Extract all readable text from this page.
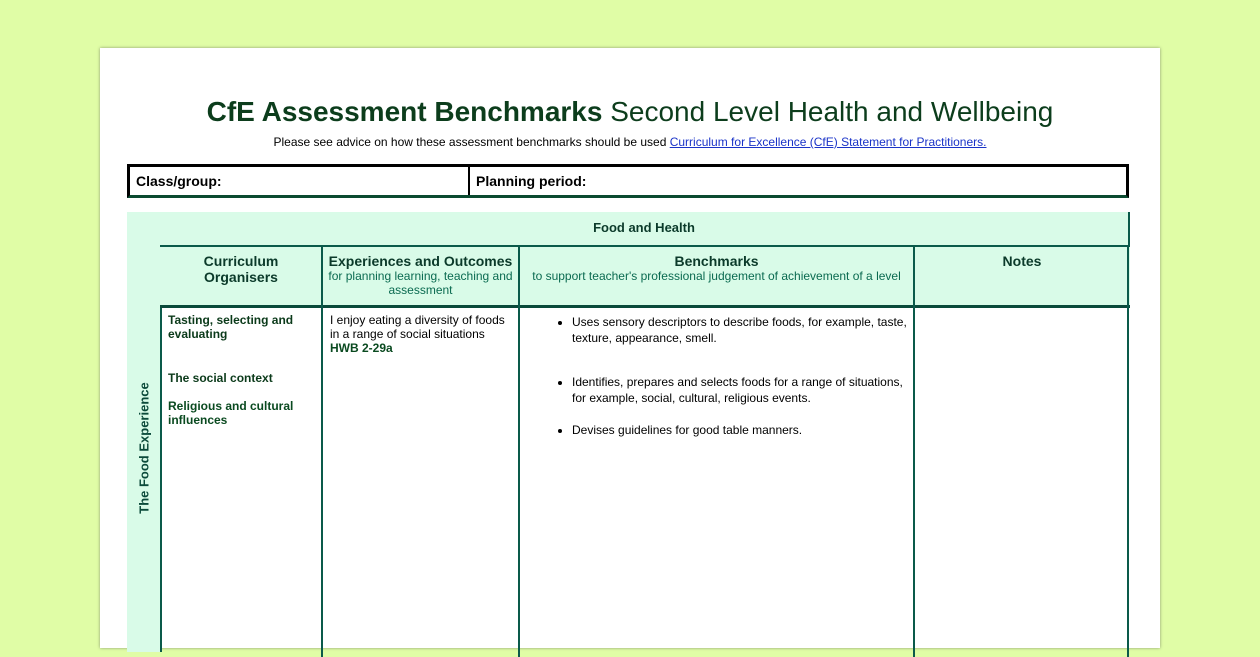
CfE Assessment Benchmarks Second Level Health and Wellbeing
Please see advice on how these assessment benchmarks should be used Curriculum for Excellence (CfE) Statement for Practitioners.
Class/group:	Planning period:
The Food Experience
Food and Health
Curriculum Organisers
Experiences and Outcomes
for planning learning, teaching and assessment
Benchmarks
to support teacher's professional judgement of achievement of a level
Notes
Tasting, selecting and evaluating
The social context
Religious and cultural influences
I enjoy eating a diversity of foods in a range of social situations
HWB 2-29a
• Uses sensory descriptors to describe foods, for example, taste, texture, appearance, smell.
• Identifies, prepares and selects foods for a range of situations, for example, social, cultural, religious events.
• Devises guidelines for good table manners.
